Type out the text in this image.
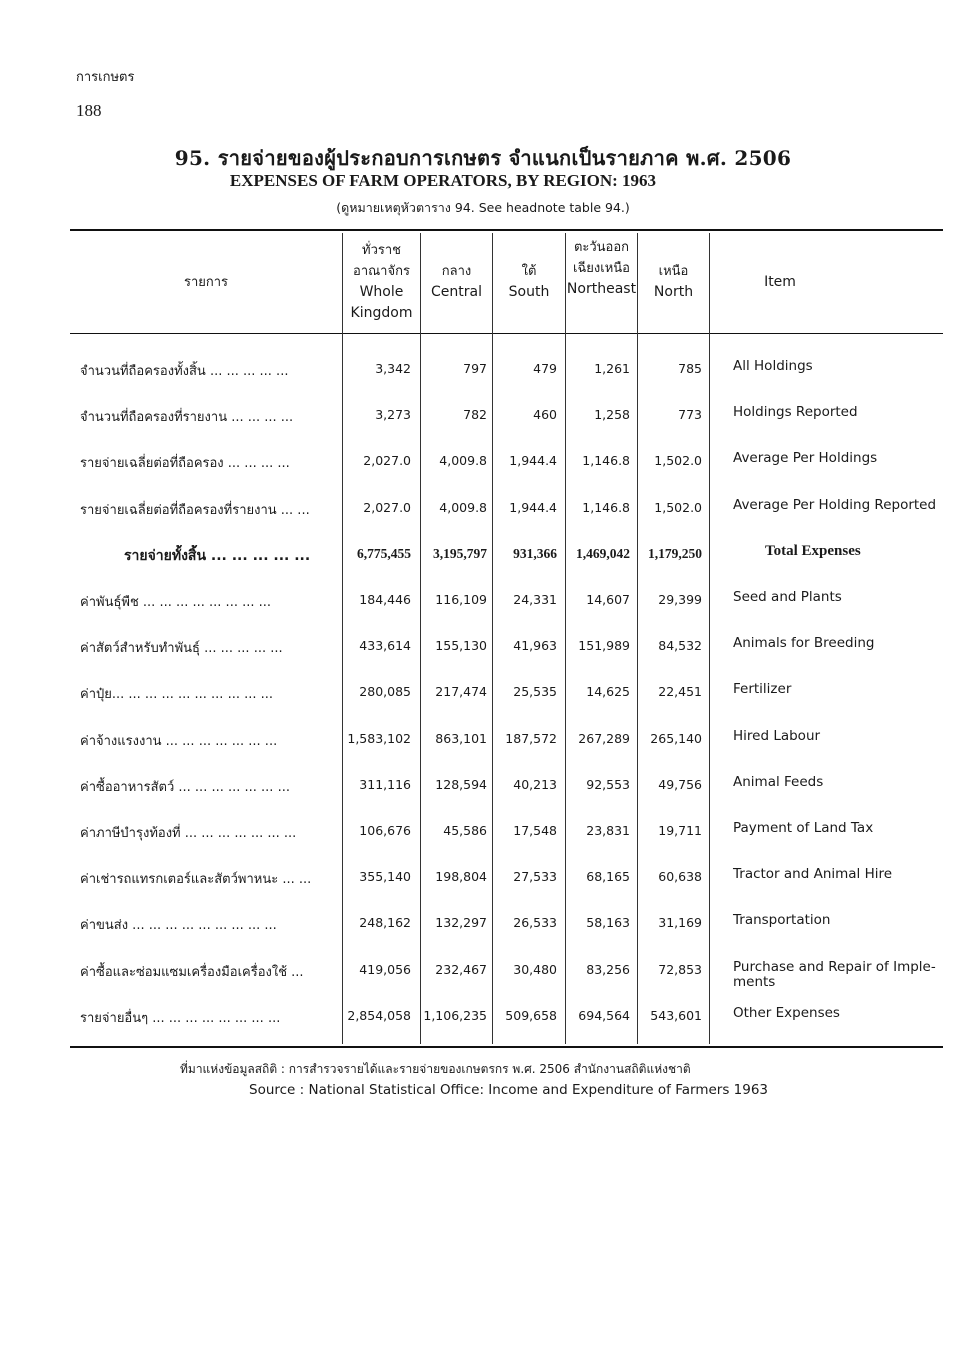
การเกษตร
188
95. รายจ่ายของผู้ประกอบการเกษตร จำแนกเป็นรายภาค พ.ศ. 2506
EXPENSES OF FARM OPERATORS, BY REGION: 1963
(ดูหมายเหตุหัวตาราง 94. See headnote table 94.)
รายการ
ทั่วราช
อาณาจักร
Whole
Kingdom
กลาง
Central
ใต้
South
ตะวันออก
เฉียงเหนือ
Northeast
เหนือ
North
Item
จำนวนที่ถือครองทั้งสิ้น ... ... ... ... ...	3,342	797	479	1,261	785 All Holdings
จำนวนที่ถือครองที่รายงาน ... ... ... ...	3,273	782	460	1,258	773 Holdings Reported
รายจ่ายเฉลี่ยต่อที่ถือครอง ... ... ... ...	2,027.0	4,009.8	1,944.4	1,146.8	1,502.0 Average Per Holdings
รายจ่ายเฉลี่ยต่อที่ถือครองที่รายงาน ... ...	2,027.0	4,009.8	1,944.4	1,146.8	1,502.0 Average Per Holding Reported
รายจ่ายทั้งสิ้น ... ... ... ... ...	6,775,455	3,195,797	931,366	1,469,042	1,179,250	Total Expenses
ค่าพันธุ์พืช ... ... ... ... ... ... ... ...	184,446	116,109	24,331	14,607	29,399 Seed and Plants
ค่าสัตว์สำหรับทำพันธุ์ ... ... ... ... ...	433,614	155,130	41,963	151,989	84,532 Animals for Breeding
ค่าปุ๋ย... ... ... ... ... ... ... ... ... ...	280,085	217,474	25,535	14,625	22,451 Fertilizer
ค่าจ้างแรงงาน ... ... ... ... ... ... ...	1,583,102	863,101	187,572	267,289	265,140 Hired Labour
ค่าซื้ออาหารสัตว์ ... ... ... ... ... ... ...	311,116	128,594	40,213	92,553	49,756 Animal Feeds
ค่าภาษีบำรุงท้องที่ ... ... ... ... ... ... ...	106,676	45,586	17,548	23,831	19,711 Payment of Land Tax
ค่าเช่ารถแทรกเตอร์และสัตว์พาหนะ ... ...	355,140	198,804	27,533	68,165	60,638 Tractor and Animal Hire
ค่าขนส่ง ... ... ... ... ... ... ... ... ...	248,162	132,297	26,533	58,163	31,169 Transportation
ค่าซื้อและซ่อมแซมเครื่องมือเครื่องใช้ ...	419,056	232,467	30,480	83,256	72,853 Purchase and Repair of Imple-ments
รายจ่ายอื่นๆ ... ... ... ... ... ... ... ...	2,854,058 1,106,235	509,658	694,564	543,601 Other Expenses
ที่มาแห่งข้อมูลสถิติ : การสำรวจรายได้และรายจ่ายของเกษตรกร พ.ศ. 2506 สำนักงานสถิติแห่งชาติ
Source : National Statistical Office: Income and Expenditure of Farmers 1963
